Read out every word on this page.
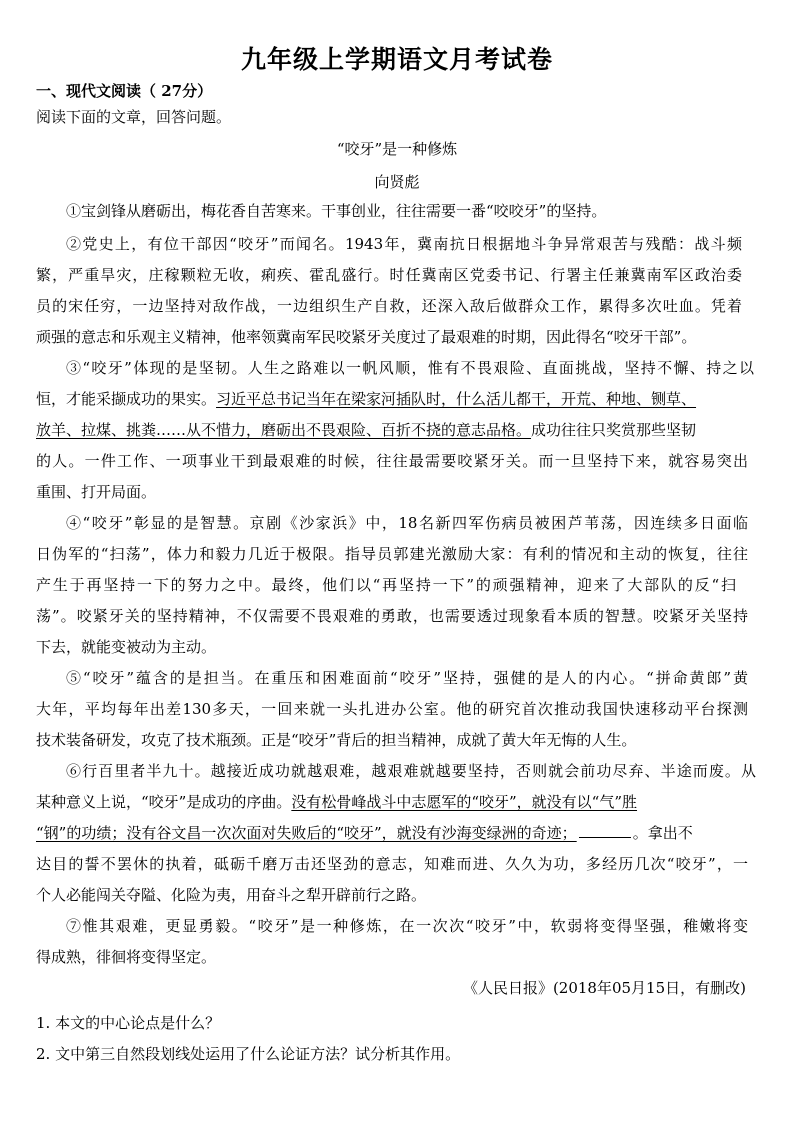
九年级上学期语文月考试卷
一、现代文阅读（ 27分）
阅读下面的文章，回答问题。
“咬牙”是一种修炼
向贤彪
①宝剑锋从磨砺出，梅花香自苦寒来。干事创业，往往需要一番“咬咬牙”的坚持。
②党史上，有位干部因“咬牙”而闻名。1943年，冀南抗日根据地斗争异常艰苦与残酷：战斗频
繁，严重旱灾，庄稼颗粒无收，痢疾、霍乱盛行。时任冀南区党委书记、行署主任兼冀南军区政治委
员的宋任穷，一边坚持对敌作战，一边组织生产自救，还深入敌后做群众工作，累得多次吐血。凭着
顽强的意志和乐观主义精神，他率领冀南军民咬紧牙关度过了最艰难的时期，因此得名“咬牙干部”。
③“咬牙”体现的是坚韧。人生之路难以一帆风顺，惟有不畏艰险、直面挑战，坚持不懈、持之以
恒，才能采撷成功的果实。习近平总书记当年在梁家河插队时，什么活儿都干，开荒、种地、铡草、
放羊、拉煤、挑粪……从不惜力，磨砺出不畏艰险、百折不挠的意志品格。成功往往只奖赏那些坚韧
的人。一件工作、一项事业干到最艰难的时候，往往最需要咬紧牙关。而一旦坚持下来，就容易突出
重围、打开局面。
④“咬牙”彰显的是智慧。京剧《沙家浜》中，18名新四军伤病员被困芦苇荡，因连续多日面临
日伪军的“扫荡”，体力和毅力几近于极限。指导员郭建光激励大家：有利的情况和主动的恢复，往往
产生于再坚持一下的努力之中。最终，他们以“再坚持一下”的顽强精神，迎来了大部队的反“扫
荡”。咬紧牙关的坚持精神，不仅需要不畏艰难的勇敢，也需要透过现象看本质的智慧。咬紧牙关坚持
下去，就能变被动为主动。
⑤“咬牙”蕴含的是担当。在重压和困难面前“咬牙”坚持，强健的是人的内心。“拼命黄郎”黄
大年，平均每年出差130多天，一回来就一头扎进办公室。他的研究首次推动我国快速移动平台探测
技术装备研发，攻克了技术瓶颈。正是“咬牙”背后的担当精神，成就了黄大年无悔的人生。
⑥行百里者半九十。越接近成功就越艰难，越艰难就越要坚持，否则就会前功尽弃、半途而废。从
某种意义上说，“咬牙”是成功的序曲。没有松骨峰战斗中志愿军的“咬牙”，就没有以“气”胜
“钢”的功绩；没有谷文昌一次次面对失败后的“咬牙”，就没有沙海变绿洲的奇迹；	。拿出不
达目的誓不罢休的执着，砥砺千磨万击还坚劲的意志，知难而进、久久为功，多经历几次“咬牙”，一
个人必能闯关夺隘、化险为夷，用奋斗之犁开辟前行之路。
⑦惟其艰难，更显勇毅。“咬牙”是一种修炼，在一次次“咬牙”中，软弱将变得坚强，稚嫩将变
得成熟，徘徊将变得坚定。
《人民日报》(2018年05月15日，有删改)
1. 本文的中心论点是什么？
2. 文中第三自然段划线处运用了什么论证方法？试分析其作用。
